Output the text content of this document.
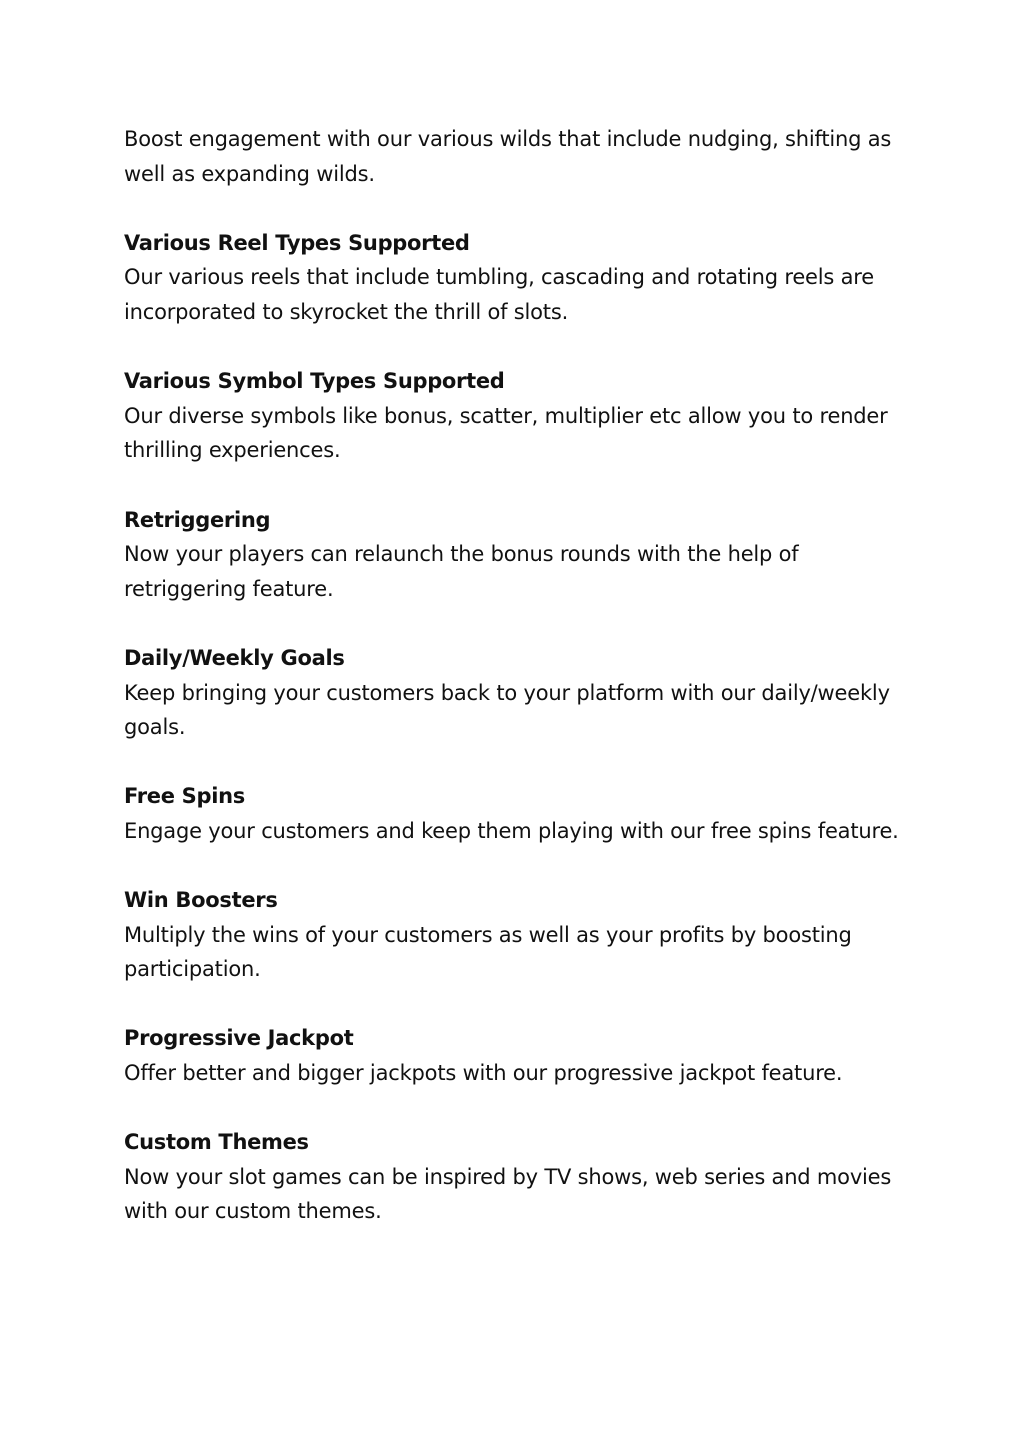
Boost engagement with our various wilds that include nudging, shifting as well as expanding wilds.

Various Reel Types Supported

Our various reels that include tumbling, cascading and rotating reels are incorporated to skyrocket the thrill of slots.

Various Symbol Types Supported

Our diverse symbols like bonus, scatter, multiplier etc allow you to render thrilling experiences.

Retriggering

Now your players can relaunch the bonus rounds with the help of retriggering feature.

Daily/Weekly Goals

Keep bringing your customers back to your platform with our daily/weekly goals.

Free Spins

Engage your customers and keep them playing with our free spins feature.

Win Boosters

Multiply the wins of your customers as well as your profits by boosting participation.

Progressive Jackpot

Offer better and bigger jackpots with our progressive jackpot feature.

Custom Themes

Now your slot games can be inspired by TV shows, web series and movies with our custom themes.
